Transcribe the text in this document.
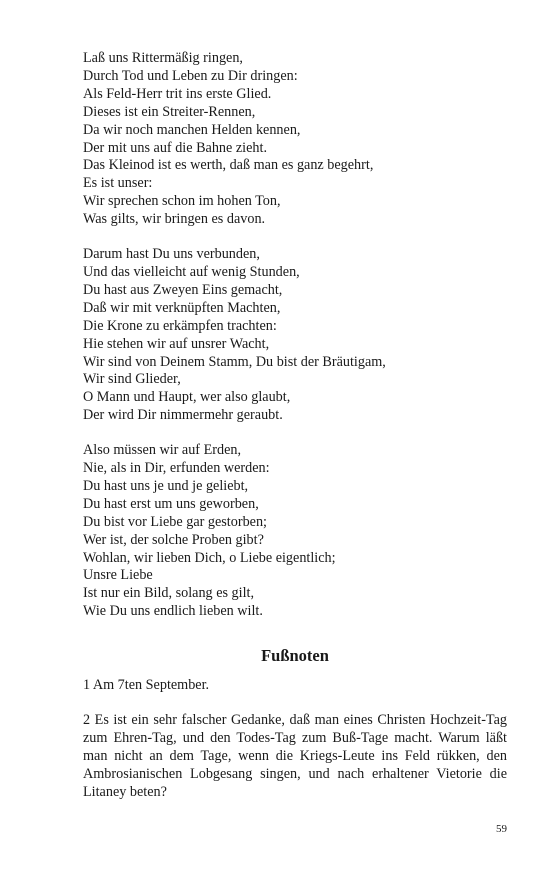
Laß uns Rittermäßig ringen,
Durch Tod und Leben zu Dir dringen:
Als Feld-Herr trit ins erste Glied.
Dieses ist ein Streiter-Rennen,
Da wir noch manchen Helden kennen,
Der mit uns auf die Bahne zieht.
Das Kleinod ist es werth, daß man es ganz begehrt,
Es ist unser:
Wir sprechen schon im hohen Ton,
Was gilts, wir bringen es davon.
Darum hast Du uns verbunden,
Und das vielleicht auf wenig Stunden,
Du hast aus Zweyen Eins gemacht,
Daß wir mit verknüpften Machten,
Die Krone zu erkämpfen trachten:
Hie stehen wir auf unsrer Wacht,
Wir sind von Deinem Stamm, Du bist der Bräutigam,
Wir sind Glieder,
O Mann und Haupt, wer also glaubt,
Der wird Dir nimmermehr geraubt.
Also müssen wir auf Erden,
Nie, als in Dir, erfunden werden:
Du hast uns je und je geliebt,
Du hast erst um uns geworben,
Du bist vor Liebe gar gestorben;
Wer ist, der solche Proben gibt?
Wohlan, wir lieben Dich, o Liebe eigentlich;
Unsre Liebe
Ist nur ein Bild, solang es gilt,
Wie Du uns endlich lieben wilt.
Fußnoten

1 Am 7ten September.

2 Es ist ein sehr falscher Gedanke, daß man eines Christen Hochzeit-Tag zum Ehren-Tag, und den Todes-Tag zum Buß-Tage macht. Warum läßt man nicht an dem Tage, wenn die Kriegs-Leute ins Feld rükken, den Ambrosianischen Lobgesang singen, und nach erhaltener Vietorie die Litaney beten?

59
